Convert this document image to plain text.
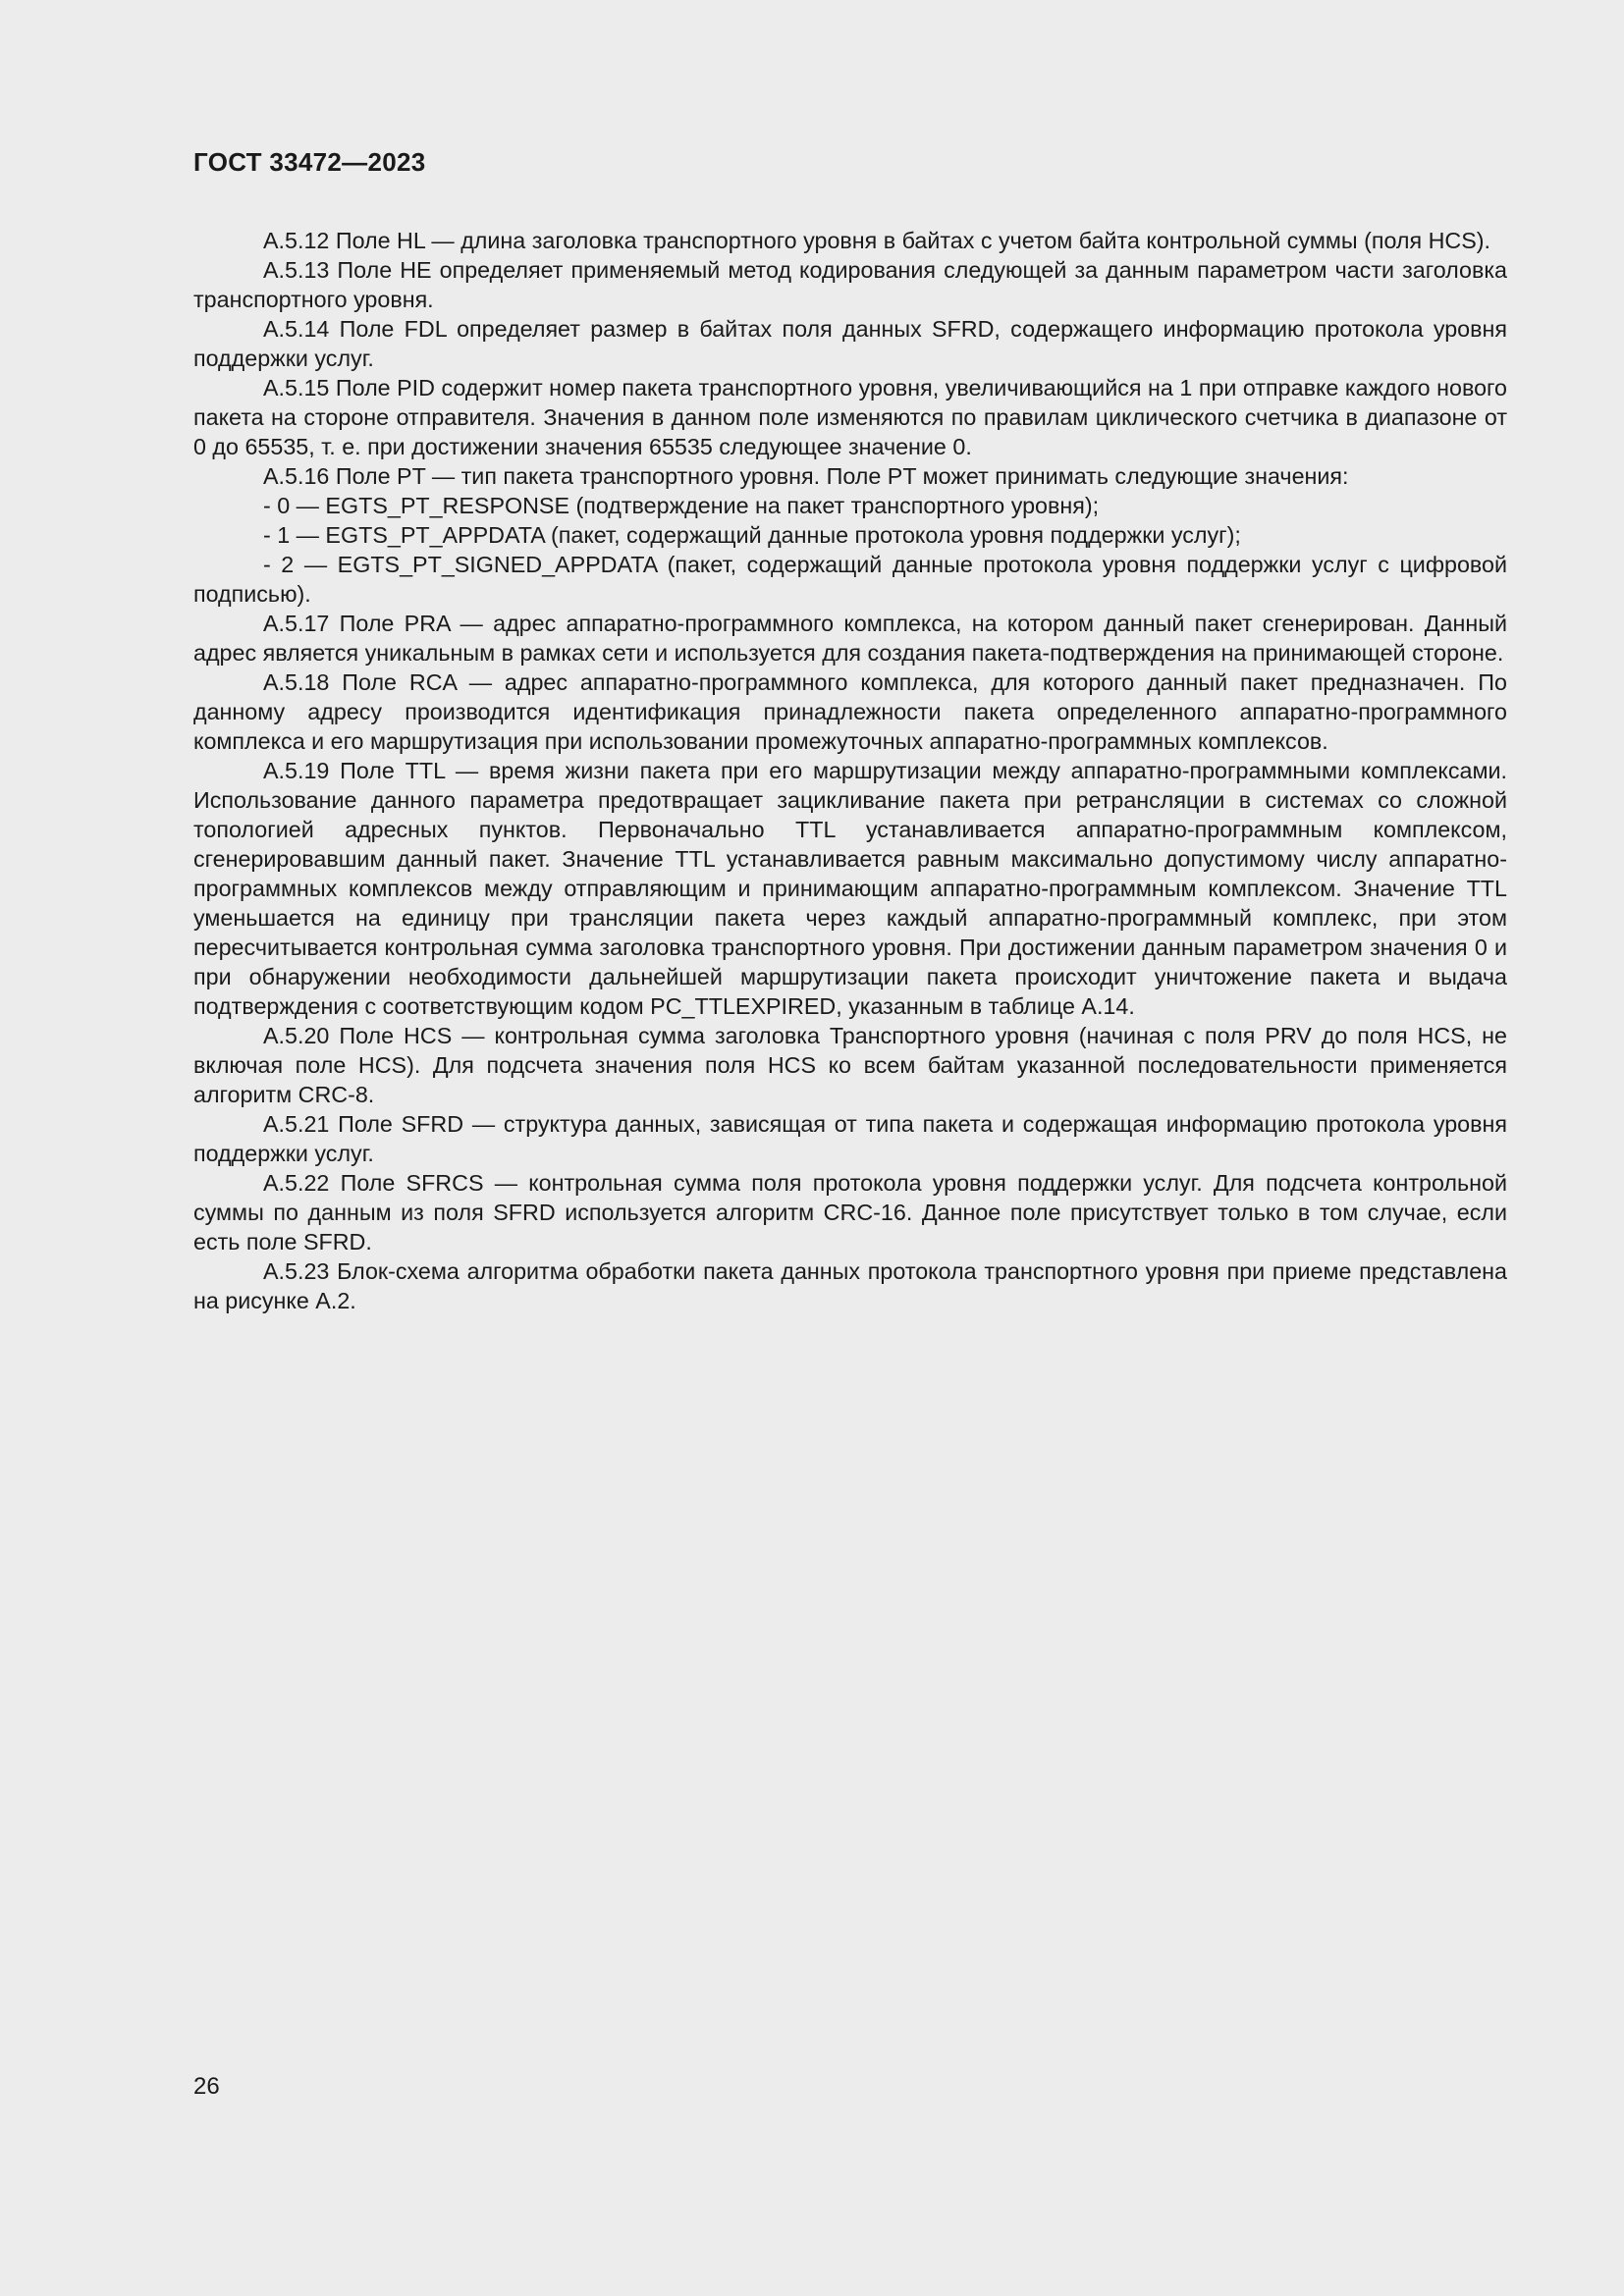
ГОСТ 33472—2023

А.5.12 Поле HL — длина заголовка транспортного уровня в байтах с учетом байта контрольной суммы (поля HCS).

А.5.13 Поле HE определяет применяемый метод кодирования следующей за данным параметром части заголовка транспортного уровня.

А.5.14 Поле FDL определяет размер в байтах поля данных SFRD, содержащего информацию протокола уровня поддержки услуг.

А.5.15 Поле PID содержит номер пакета транспортного уровня, увеличивающийся на 1 при отправке каждого нового пакета на стороне отправителя. Значения в данном поле изменяются по правилам циклического счетчика в диапазоне от 0 до 65535, т. е. при достижении значения 65535 следующее значение 0.

А.5.16 Поле PT — тип пакета транспортного уровня. Поле PT может принимать следующие значения:

- 0 — EGTS_PT_RESPONSE (подтверждение на пакет транспортного уровня);

- 1 — EGTS_PT_APPDATA (пакет, содержащий данные протокола уровня поддержки услуг);

- 2 — EGTS_PT_SIGNED_APPDATA (пакет, содержащий данные протокола уровня поддержки услуг с цифровой подписью).

А.5.17 Поле PRA — адрес аппаратно-программного комплекса, на котором данный пакет сгенерирован. Данный адрес является уникальным в рамках сети и используется для создания пакета-подтверждения на принимающей стороне.

А.5.18 Поле RCA — адрес аппаратно-программного комплекса, для которого данный пакет предназначен. По данному адресу производится идентификация принадлежности пакета определенного аппаратно-программного комплекса и его маршрутизация при использовании промежуточных аппаратно-программных комплексов.

А.5.19 Поле TTL — время жизни пакета при его маршрутизации между аппаратно-программными комплексами. Использование данного параметра предотвращает зацикливание пакета при ретрансляции в системах со сложной топологией адресных пунктов. Первоначально TTL устанавливается аппаратно-программным комплексом, сгенерировавшим данный пакет. Значение TTL устанавливается равным максимально допустимому числу аппаратно-программных комплексов между отправляющим и принимающим аппаратно-программным комплексом. Значение TTL уменьшается на единицу при трансляции пакета через каждый аппаратно-программный комплекс, при этом пересчитывается контрольная сумма заголовка транспортного уровня. При достижении данным параметром значения 0 и при обнаружении необходимости дальнейшей маршрутизации пакета происходит уничтожение пакета и выдача подтверждения с соответствующим кодом PC_TTLEXPIRED, указанным в таблице А.14.

А.5.20 Поле HCS — контрольная сумма заголовка Транспортного уровня (начиная с поля PRV до поля HCS, не включая поле HCS). Для подсчета значения поля HCS ко всем байтам указанной последовательности применяется алгоритм CRC-8.

А.5.21 Поле SFRD — структура данных, зависящая от типа пакета и содержащая информацию протокола уровня поддержки услуг.

А.5.22 Поле SFRCS — контрольная сумма поля протокола уровня поддержки услуг. Для подсчета контрольной суммы по данным из поля SFRD используется алгоритм CRC-16. Данное поле присутствует только в том случае, если есть поле SFRD.

А.5.23 Блок-схема алгоритма обработки пакета данных протокола транспортного уровня при приеме представлена на рисунке А.2.

26
